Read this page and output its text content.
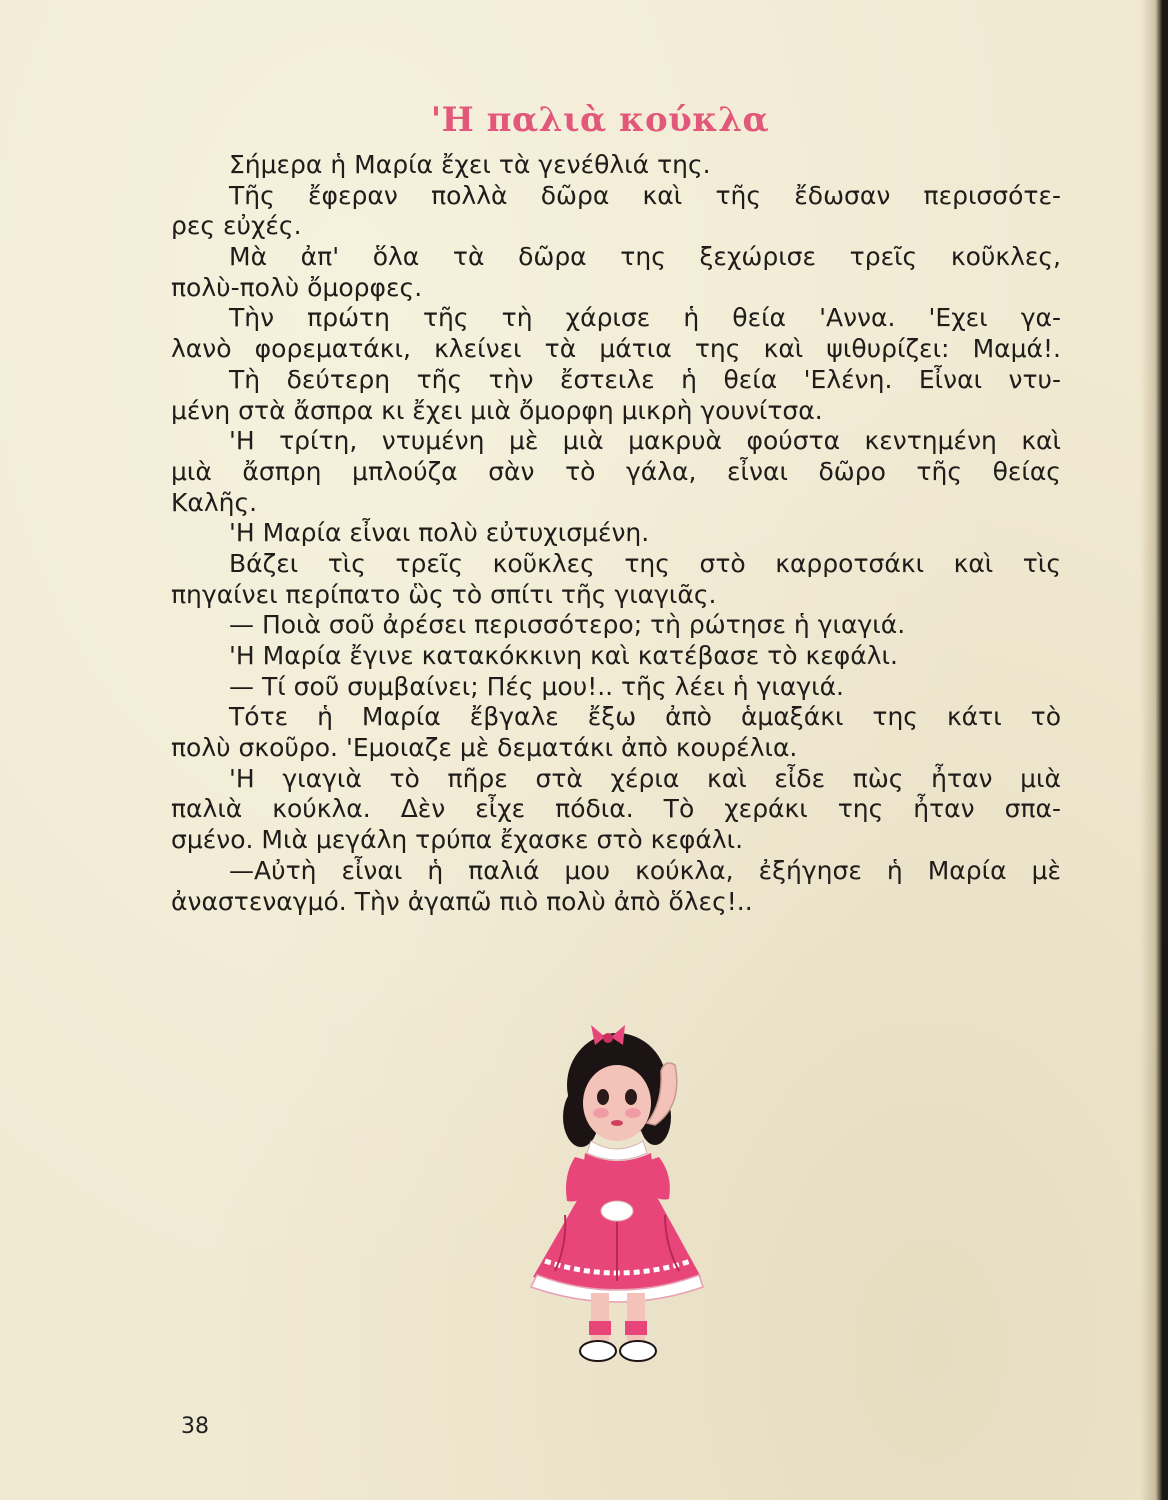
'Η παλιὰ κούκλα
Σήμερα ἡ Μαρία ἔχει τὰ γενέθλιά της.
Τῆς ἔφεραν πολλὰ δῶρα καὶ τῆς ἔδωσαν περισσότε-
ρες εὐχές.
Μὰ ἀπ' ὅλα τὰ δῶρα της ξεχώρισε τρεῖς κοῦκλες,
πολὺ-πολὺ ὄμορφες.
Τὴν πρώτη τῆς τὴ χάρισε ἡ θεία 'Αννα. 'Εχει γα-
λανὸ φορεματάκι, κλείνει τὰ μάτια της καὶ ψιθυρίζει: Μαμά!.
Τὴ δεύτερη τῆς τὴν ἔστειλε ἡ θεία 'Ελένη. Εἶναι ντυ-
μένη στὰ ἄσπρα κι ἔχει μιὰ ὄμορφη μικρὴ γουνίτσα.
'Η τρίτη, ντυμένη μὲ μιὰ μακρυὰ φούστα κεντημένη καὶ
μιὰ ἄσπρη μπλούζα σὰν τὸ γάλα, εἶναι δῶρο τῆς θείας
Καλῆς.
'Η Μαρία εἶναι πολὺ εὐτυχισμένη.
Βάζει τὶς τρεῖς κοῦκλες της στὸ καρροτσάκι καὶ τὶς
πηγαίνει περίπατο ὣς τὸ σπίτι τῆς γιαγιᾶς.
— Ποιὰ σοῦ ἀρέσει περισσότερο; τὴ ρώτησε ἡ γιαγιά.
'Η Μαρία ἔγινε κατακόκκινη καὶ κατέβασε τὸ κεφάλι.
— Τί σοῦ συμβαίνει; Πές μου!.. τῆς λέει ἡ γιαγιά.
Τότε ἡ Μαρία ἔβγαλε ἔξω ἀπὸ ἁμαξάκι της κάτι τὸ
πολὺ σκοῦρο. 'Εμοιαζε μὲ δεματάκι ἀπὸ κουρέλια.
'Η γιαγιὰ τὸ πῆρε στὰ χέρια καὶ εἶδε πὼς ἦταν μιὰ
παλιὰ κούκλα. Δὲν εἶχε πόδια. Τὸ χεράκι της ἦταν σπα-
σμένο. Μιὰ μεγάλη τρύπα ἔχασκε στὸ κεφάλι.
—Αὐτὴ εἶναι ἡ παλιά μου κούκλα, ἐξήγησε ἡ Μαρία μὲ
ἀναστεναγμό. Τὴν ἀγαπῶ πιὸ πολὺ ἀπὸ ὅλες!..
38
